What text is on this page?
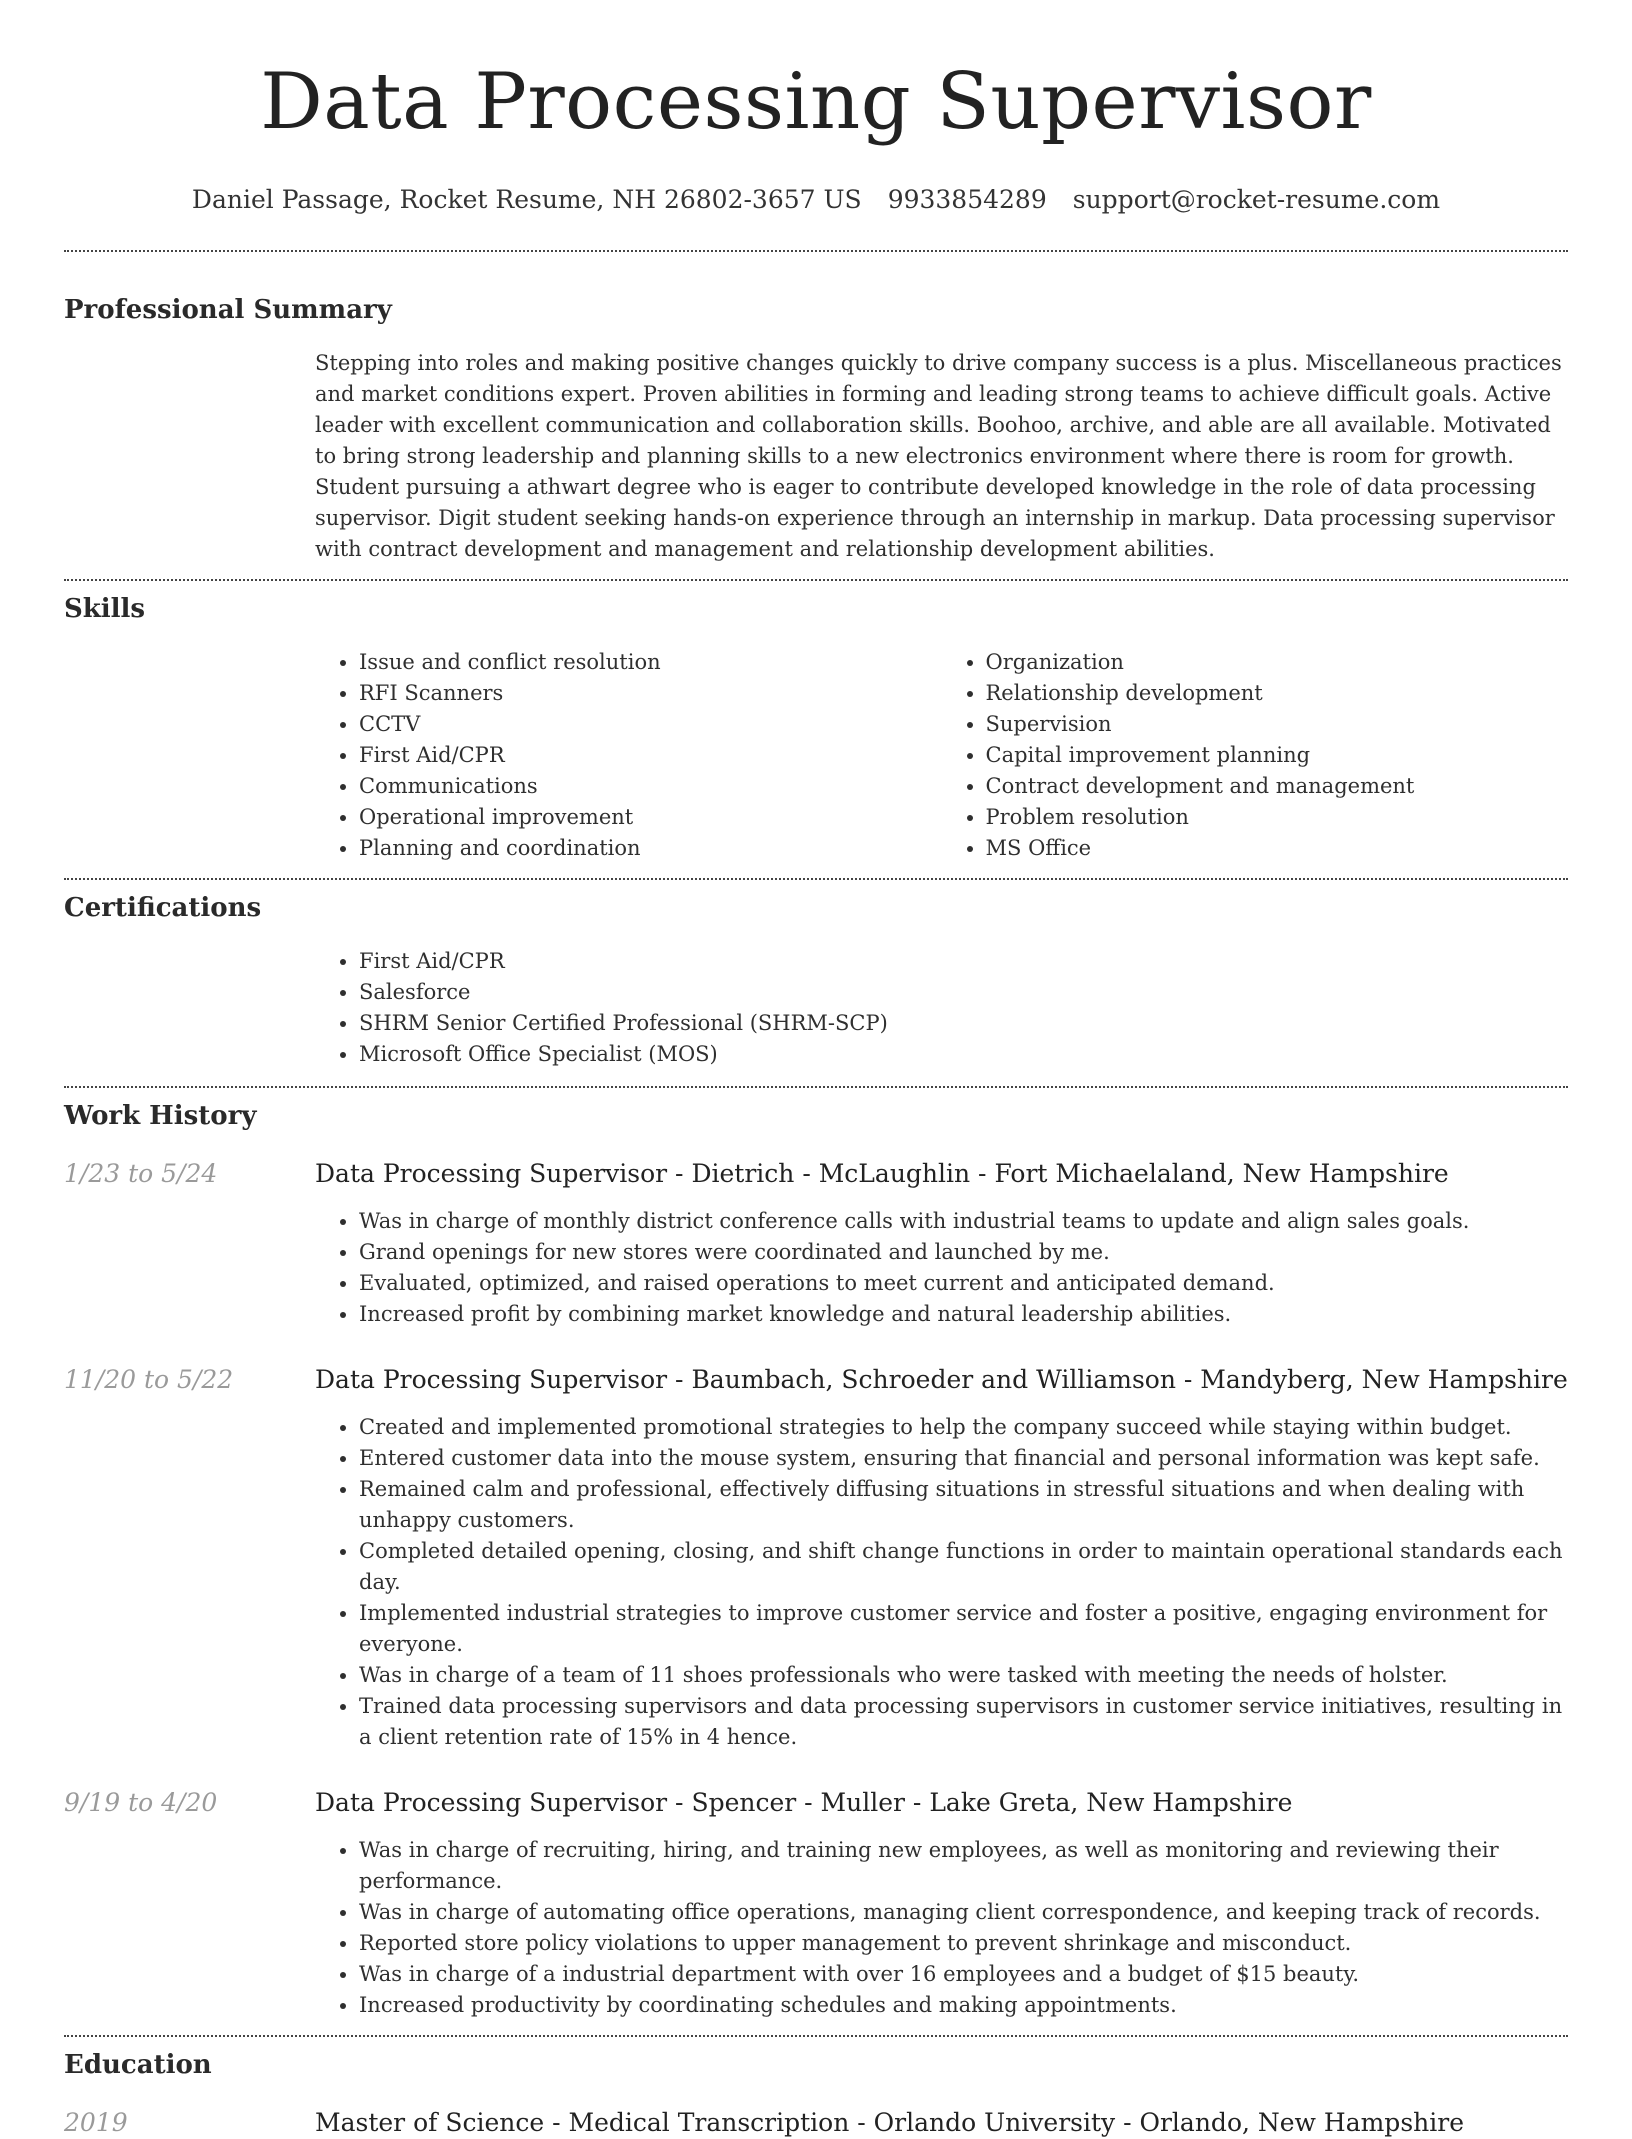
Data Processing Supervisor
Daniel Passage, Rocket Resume, NH 26802-3657 US 9933854289 support@rocket-resume.com
Professional Summary
Stepping into roles and making positive changes quickly to drive company success is a plus. Miscellaneous practices and market conditions expert. Proven abilities in forming and leading strong teams to achieve difficult goals. Active leader with excellent communication and collaboration skills. Boohoo, archive, and able are all available. Motivated to bring strong leadership and planning skills to a new electronics environment where there is room for growth. Student pursuing a athwart degree who is eager to contribute developed knowledge in the role of data processing supervisor. Digit student seeking hands-on experience through an internship in markup. Data processing supervisor with contract development and management and relationship development abilities.
Skills
• Issue and conflict resolution
• RFI Scanners
• CCTV
• First Aid/CPR
• Communications
• Operational improvement
• Planning and coordination
• Organization
• Relationship development
• Supervision
• Capital improvement planning
• Contract development and management
• Problem resolution
• MS Office
Certifications
• First Aid/CPR
• Salesforce
• SHRM Senior Certified Professional (SHRM-SCP)
• Microsoft Office Specialist (MOS)
Work History
1/23 to 5/24	Data Processing Supervisor - Dietrich - McLaughlin - Fort Michaelaland, New Hampshire
• Was in charge of monthly district conference calls with industrial teams to update and align sales goals.
• Grand openings for new stores were coordinated and launched by me.
• Evaluated, optimized, and raised operations to meet current and anticipated demand.
• Increased profit by combining market knowledge and natural leadership abilities.
11/20 to 5/22	Data Processing Supervisor - Baumbach, Schroeder and Williamson - Mandyberg, New Hampshire
• Created and implemented promotional strategies to help the company succeed while staying within budget.
• Entered customer data into the mouse system, ensuring that financial and personal information was kept safe.
• Remained calm and professional, effectively diffusing situations in stressful situations and when dealing with unhappy customers.
• Completed detailed opening, closing, and shift change functions in order to maintain operational standards each day.
• Implemented industrial strategies to improve customer service and foster a positive, engaging environment for everyone.
• Was in charge of a team of 11 shoes professionals who were tasked with meeting the needs of holster.
• Trained data processing supervisors and data processing supervisors in customer service initiatives, resulting in a client retention rate of 15% in 4 hence.
9/19 to 4/20	Data Processing Supervisor - Spencer - Muller - Lake Greta, New Hampshire
• Was in charge of recruiting, hiring, and training new employees, as well as monitoring and reviewing their performance.
• Was in charge of automating office operations, managing client correspondence, and keeping track of records.
• Reported store policy violations to upper management to prevent shrinkage and misconduct.
• Was in charge of a industrial department with over 16 employees and a budget of $15 beauty.
• Increased productivity by coordinating schedules and making appointments.
Education
2019	Master of Science - Medical Transcription - Orlando University - Orlando, New Hampshire
